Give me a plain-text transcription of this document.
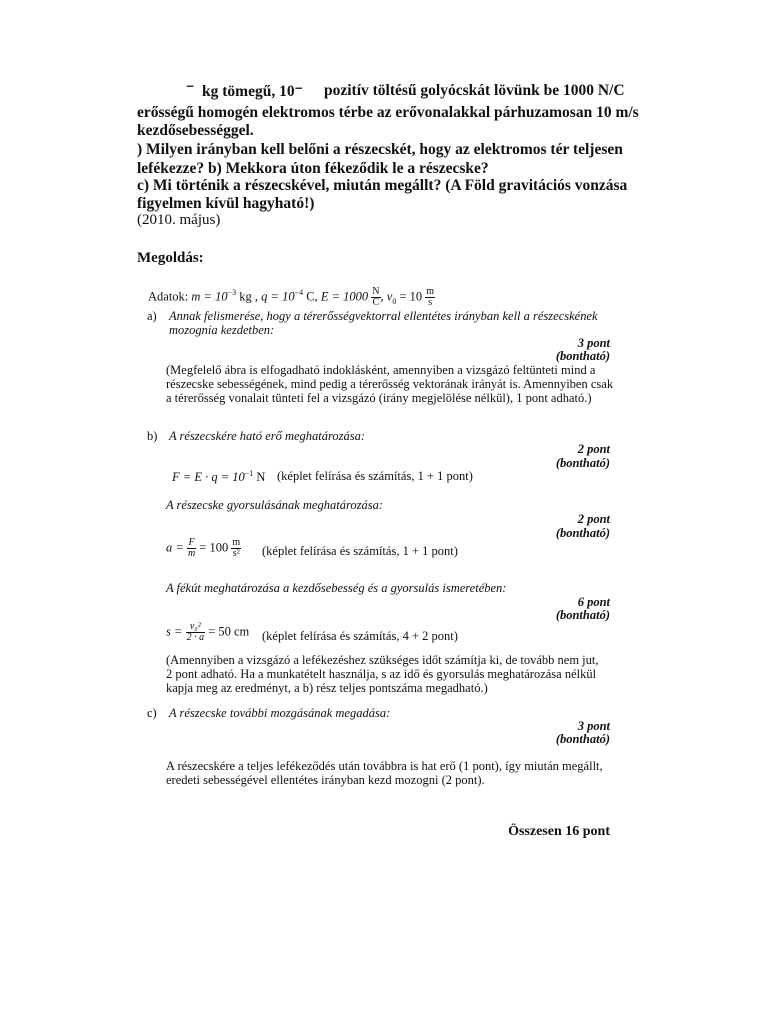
⁻ kg tömegű, 10⁻ pozitív töltésű golyócskát lövünk be 1000 N/C
erősségű homogén elektromos térbe az erővonalakkal párhuzamosan 10 m/s
kezdősebességgel.
) Milyen irányban kell belőni a részecskét, hogy az elektromos tér teljesen
lefékezze? b) Mekkora úton fékeződik le a részecske?
c) Mi történik a részecskével, miután megállt? (A Föld gravitációs vonzása
figyelmen kívül hagyható!)
(2010. május)
Megoldás:
Adatok: $m = 10^{-3}$ kg , $q = 10^{-4}$ C, $E = 1000 \frac{N}{C}$ , $v_0 = 10 \frac{m}{s}$
a) Annak felismerése, hogy a térerősségvektorral ellentétes irányban kell a részecskének
mozognia kezdetben:
3 pont
(bontható)
(Megfelelő ábra is elfogadható indoklásként, amennyiben a vizsgázó feltünteti mind a
részecske sebességének, mind pedig a térerősség vektorának irányát is. Amennyiben csak
a térerősség vonalait tünteti fel a vizsgázó (irány megjelölése nélkül), 1 pont adható.)
b) A részecskére ható erő meghatározása:
2 pont
(bontható)
$F = E \cdot q = 10^{-1}$ N (képlet felírása és számítás, 1 + 1 pont)
A részecske gyorsulásának meghatározása:
2 pont
(bontható)
$a = \frac{F}{m} = 100 \frac{m}{\text{s²}}$ (képlet felírása és számítás, 1 + 1 pont)
A fékút meghatározása a kezdősebesség és a gyorsulás ismeretében:
6 pont
(bontható)
$s = \frac{\text{v₀²}}{2 \cdot a} = 50$ cm (képlet felírása és számítás, 4 + 2 pont)
(Amennyiben a vizsgázó a lefékezéshez szükséges időt számítja ki, de tovább nem jut,
2 pont adható. Ha a munkatételt használja, s az idő és gyorsulás meghatározása nélkül
kapja meg az eredményt, a b) rész teljes pontszáma megadható.)
c) A részecske további mozgásának megadása:
3 pont
(bontható)
A részecskére a teljes lefékeződés után továbbra is hat erő (1 pont), így miután megállt,
eredeti sebességével ellentétes irányban kezd mozogni (2 pont).
Összesen 16 pont
